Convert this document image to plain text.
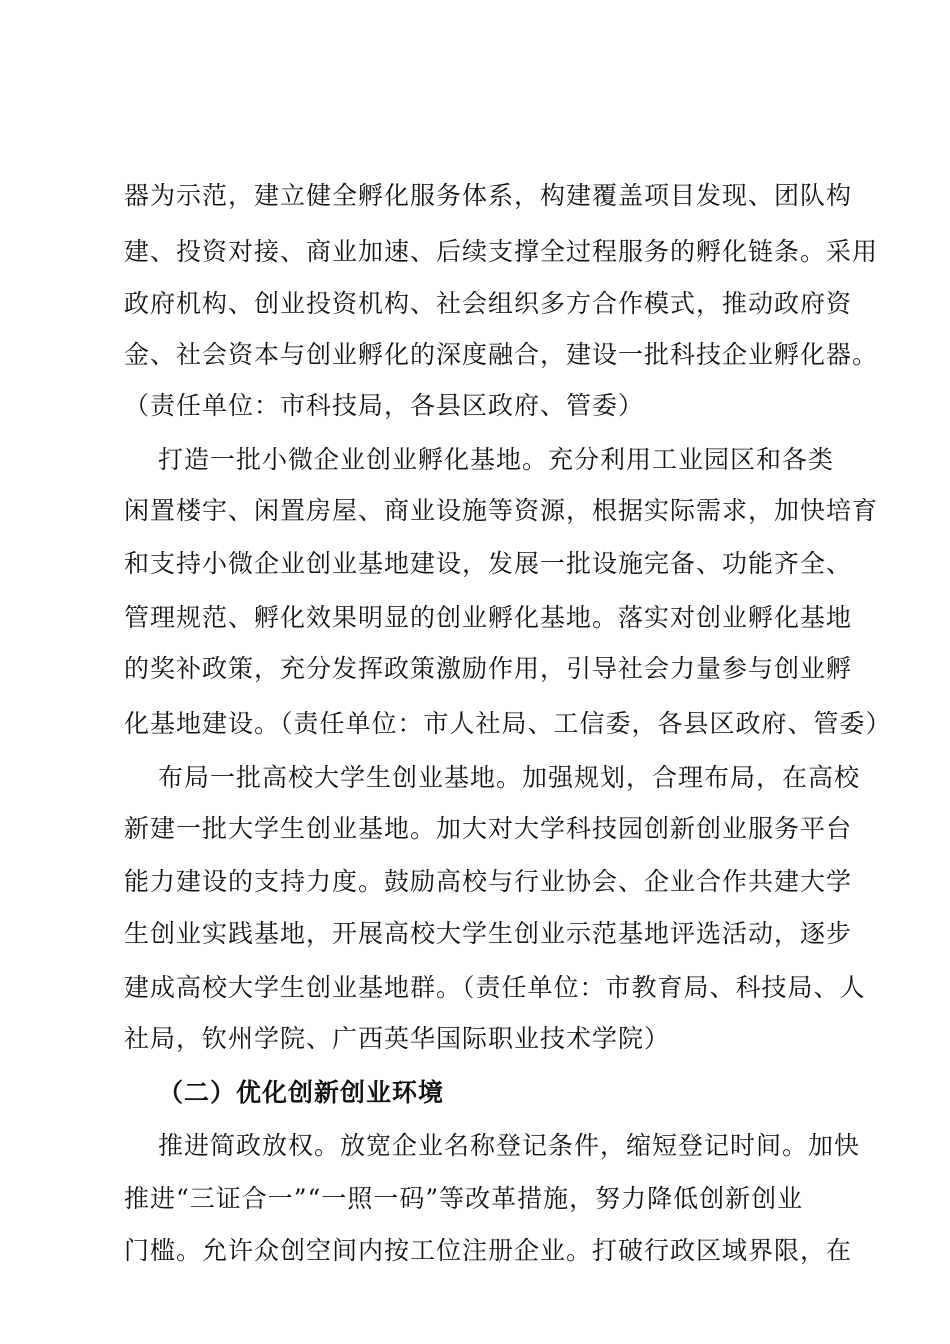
器为示范，建立健全孵化服务体系，构建覆盖项目发现、团队构
建、投资对接、商业加速、后续支撑全过程服务的孵化链条。采用
政府机构、创业投资机构、社会组织多方合作模式，推动政府资
金、社会资本与创业孵化的深度融合，建设一批科技企业孵化器。
（责任单位：市科技局，各县区政府、管委）
打造一批小微企业创业孵化基地。充分利用工业园区和各类
闲置楼宇、闲置房屋、商业设施等资源，根据实际需求，加快培育
和支持小微企业创业基地建设，发展一批设施完备、功能齐全、
管理规范、孵化效果明显的创业孵化基地。落实对创业孵化基地
的奖补政策，充分发挥政策激励作用，引导社会力量参与创业孵
化基地建设。（责任单位：市人社局、工信委，各县区政府、管委）
布局一批高校大学生创业基地。加强规划，合理布局，在高校
新建一批大学生创业基地。加大对大学科技园创新创业服务平台
能力建设的支持力度。鼓励高校与行业协会、企业合作共建大学
生创业实践基地，开展高校大学生创业示范基地评选活动，逐步
建成高校大学生创业基地群。（责任单位：市教育局、科技局、人
社局，钦州学院、广西英华国际职业技术学院）
（二）优化创新创业环境
推进简政放权。放宽企业名称登记条件，缩短登记时间。加快
推进“三证合一”“一照一码”等改革措施，努力降低创新创业
门槛。允许众创空间内按工位注册企业。打破行政区域界限，在
